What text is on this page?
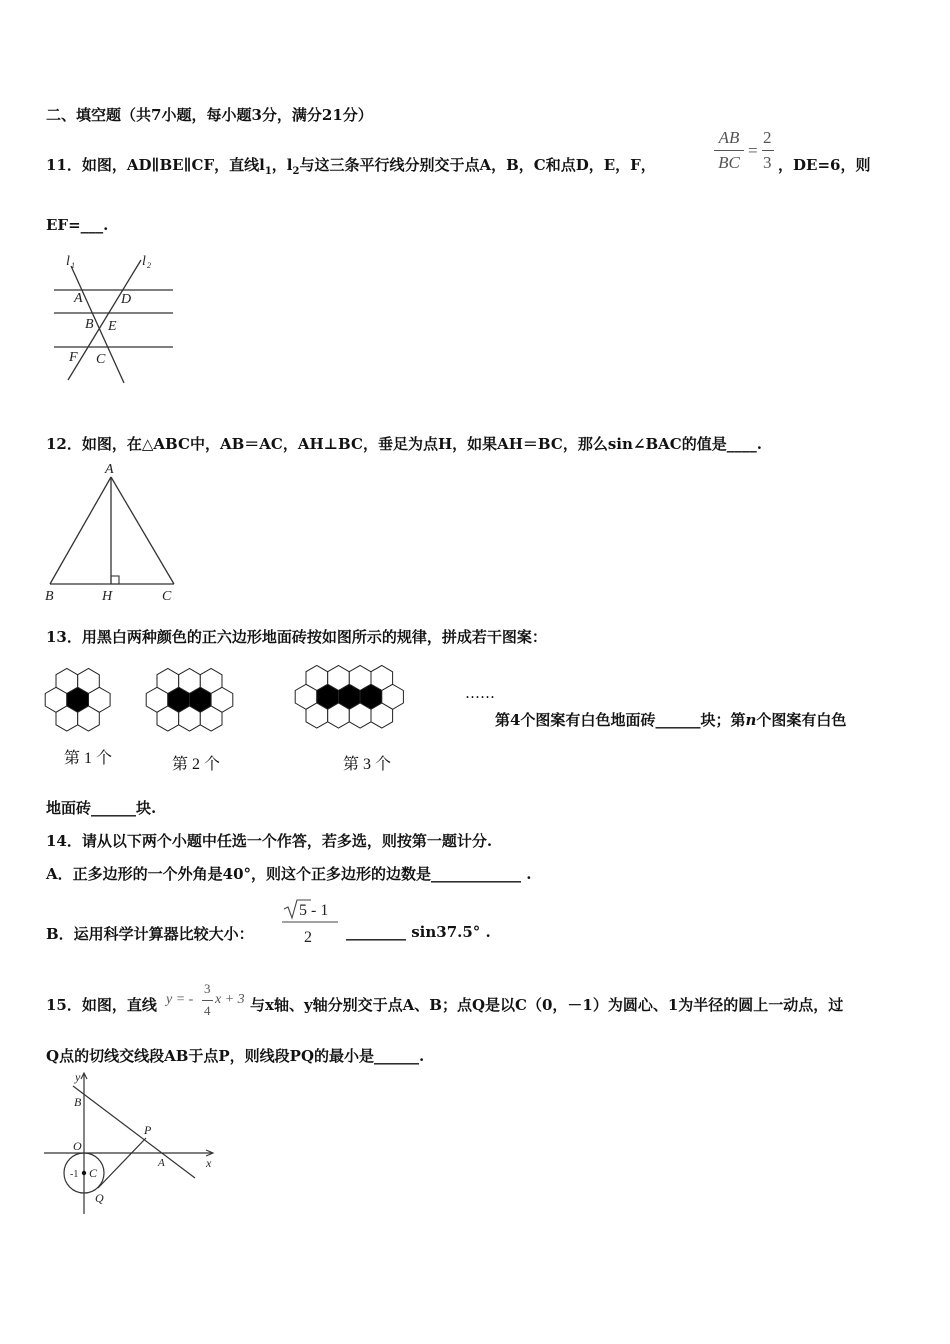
二、填空题（共7小题，每小题3分，满分21分）
11．如图，AD∥BE∥CF，直线$l_1$，$l_2$与这三条平行线分别交于点A，B，C和点D，E，F，
AB
BC
=
2
3 ，DE=6，则
EF=___.
l 1	l 2
A	D
B E
F C
12．如图，在△ABC中，AB＝AC，AH⊥BC，垂足为点H，如果AH＝BC，那么sin∠BAC的值是____.
A
B	H	C
13．用黑白两种颜色的正六边形地面砖按如图所示的规律，拼成若干图案：
……
第4个图案有白色地面砖______块；第n个图案有白色
第 1 个	第 2 个	第 3 个
地面砖______块.
14．请从以下两个小题中任选一个作答，若多选，则按第一题计分.
A．正多边形的一个外角是40°，则这个正多边形的边数是____________ .
B．运用科学计算器比较大小：
5 - 1
2 ________ sin37.5° .
15．如图，直线 y = -
3
4
x + 3 与x轴、y轴分别交于点A、B；点Q是以C（0，－1）为圆心、1为半径的圆上一动点，过
Q点的切线交线段AB于点P，则线段PQ的最小是______.
y
B
O
P
A	x
-1 C
Q
